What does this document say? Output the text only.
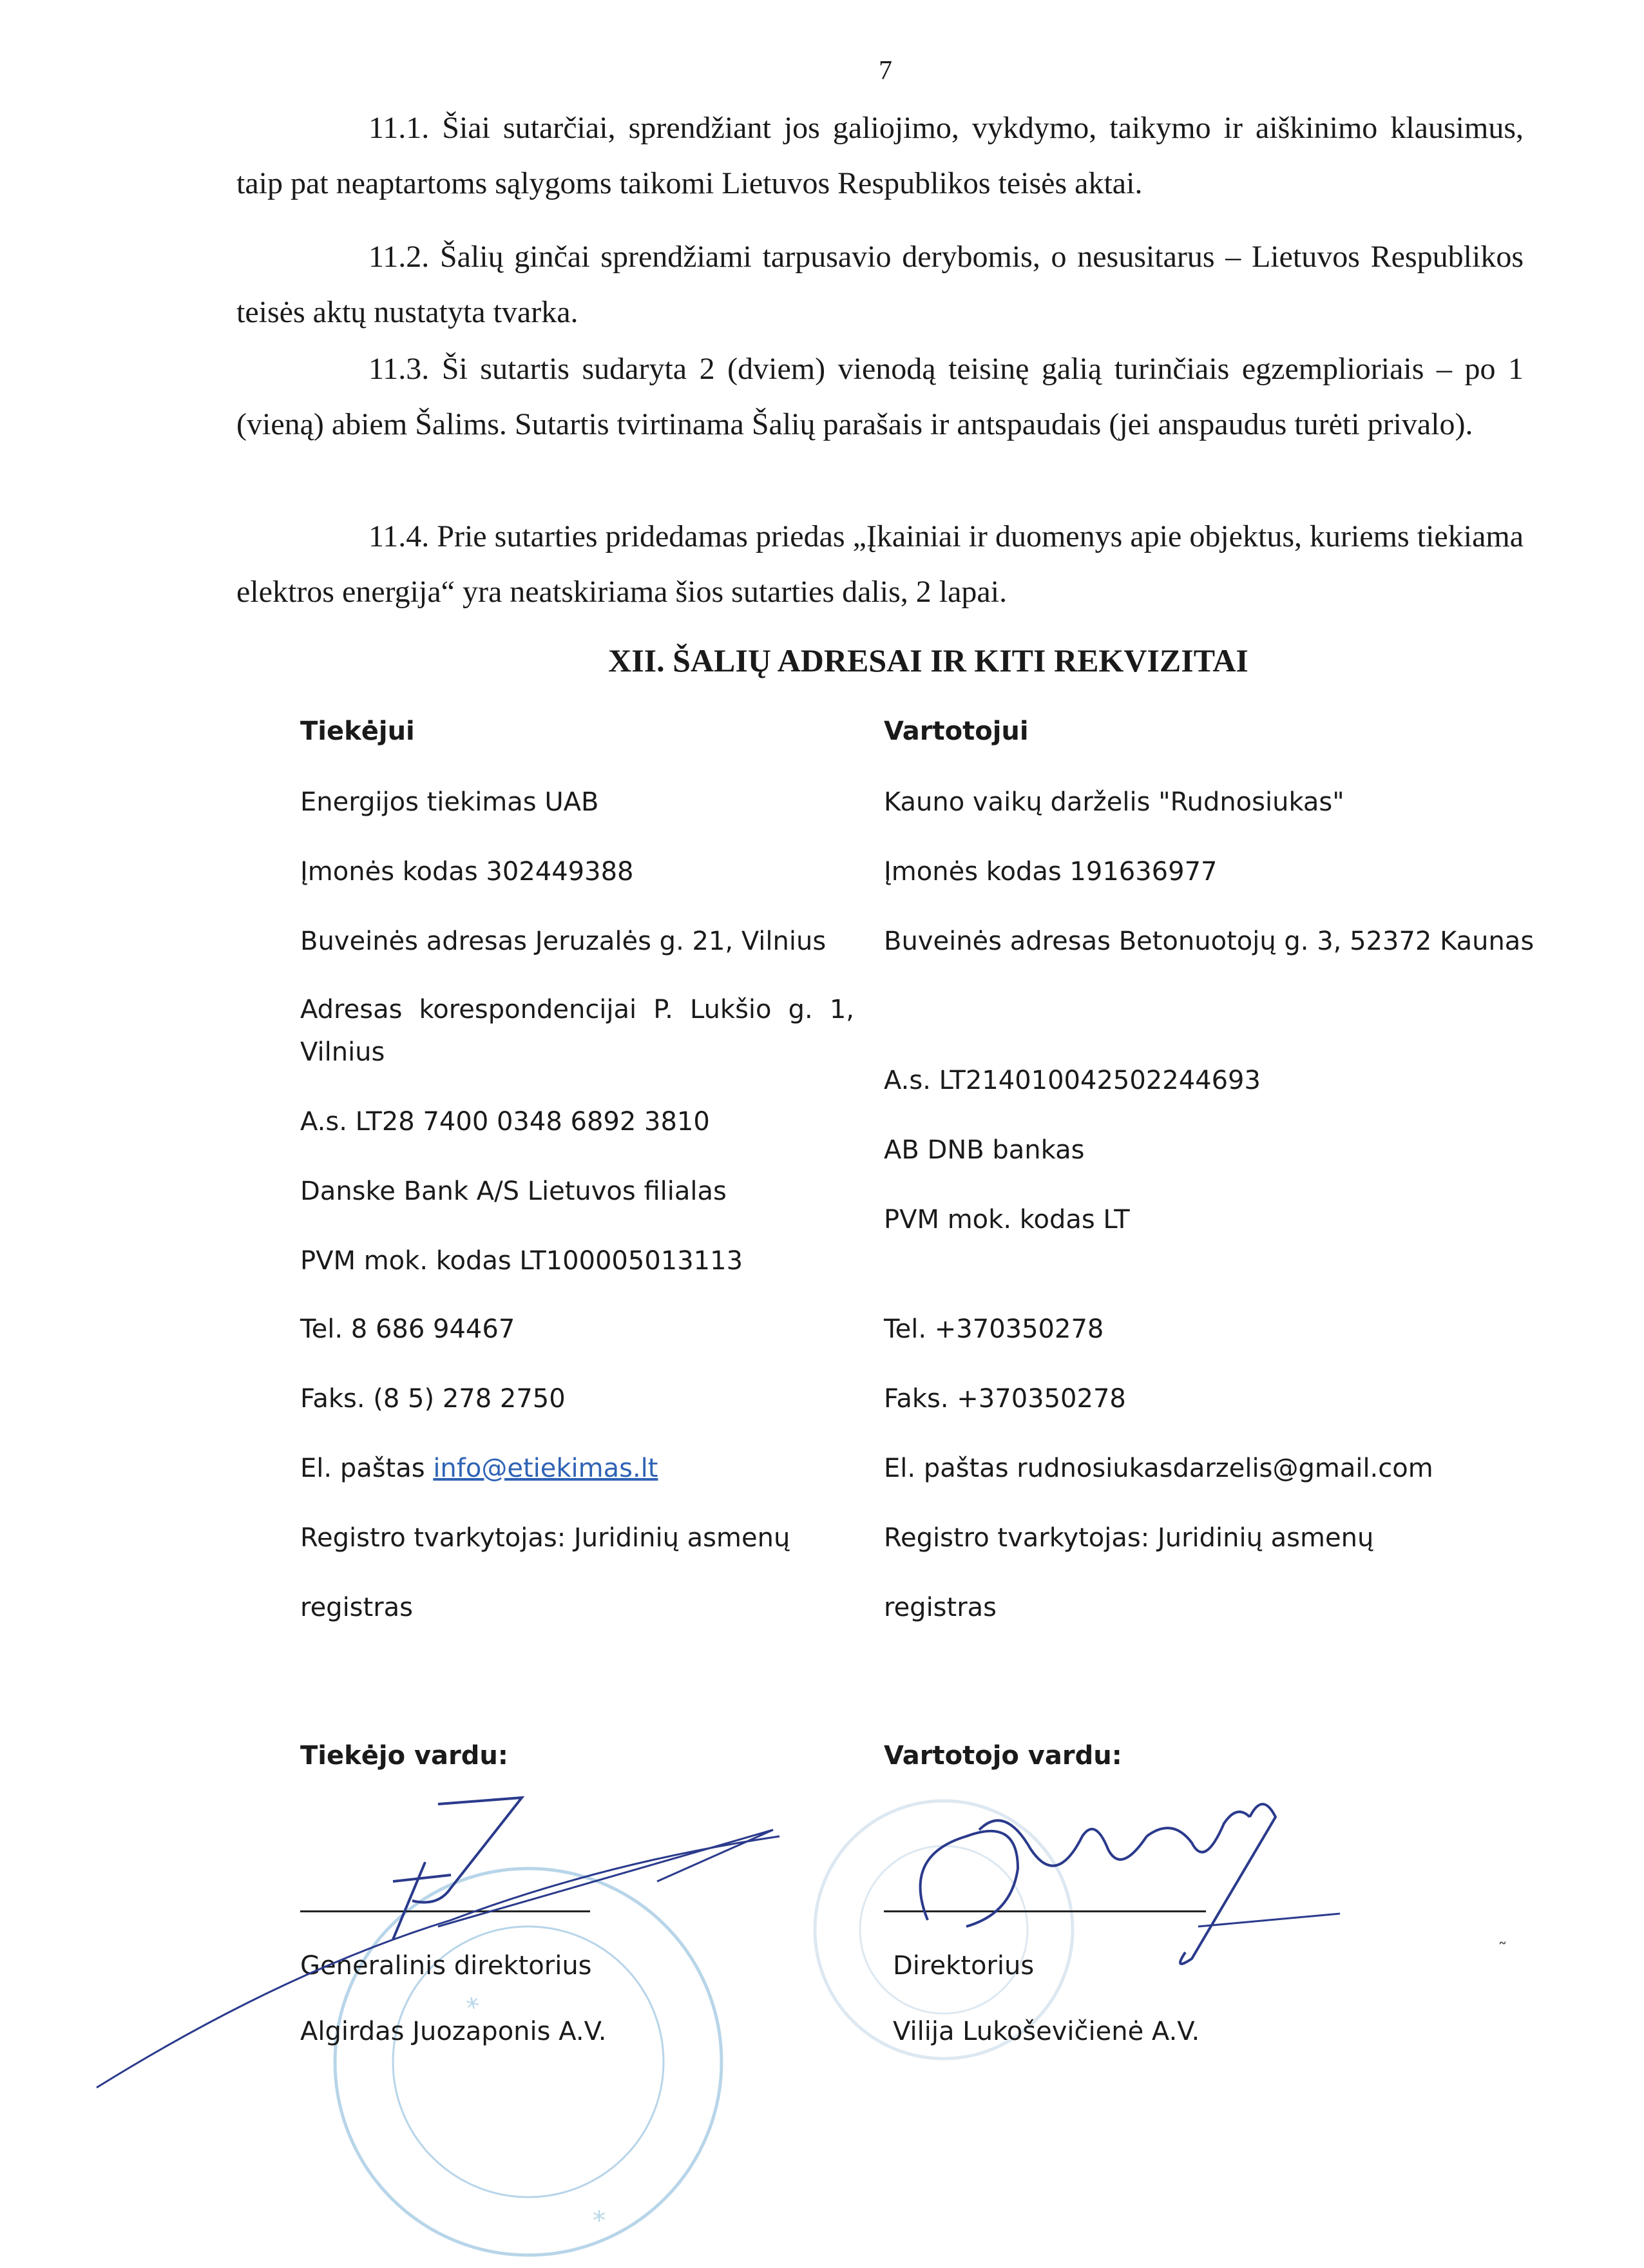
7

11.1. Šiai sutarčiai, sprendžiant jos galiojimo, vykdymo, taikymo ir aiškinimo klausimus, taip pat neaptartoms sąlygoms taikomi Lietuvos Respublikos teisės aktai.

11.2. Šalių ginčai sprendžiami tarpusavio derybomis, o nesusitarus – Lietuvos Respublikos teisės aktų nustatyta tvarka.

11.3. Ši sutartis sudaryta 2 (dviem) vienodą teisinę galią turinčiais egzemplioriais – po 1 (vieną) abiem Šalims. Sutartis tvirtinama Šalių parašais ir antspaudais (jei anspaudus turėti privalo).

11.4. Prie sutarties pridedamas priedas „Įkainiai ir duomenys apie objektus, kuriems tiekiama elektros energija“ yra neatskiriama šios sutarties dalis, 2 lapai.

XII. ŠALIŲ ADRESAI IR KITI REKVIZITAI
*
*
Tiekėjui
Energijos tiekimas UAB
Įmonės kodas 302449388
Buveinės adresas Jeruzalės g. 21, Vilnius
Adresas korespondencijai P. Lukšio g. 1, Vilnius
A.s. LT28 7400 0348 6892 3810
Danske Bank A/S Lietuvos filialas
PVM mok. kodas LT100005013113
Tel. 8 686 94467
Faks. (8 5) 278 2750
El. paštas info@etiekimas.lt
Registro tvarkytojas: Juridinių asmenų
registras
Tiekėjo vardu:
Generalinis direktorius
Algirdas Juozaponis A.V.
Vartotojui
Kauno vaikų darželis "Rudnosiukas"
Įmonės kodas 191636977
Buveinės adresas Betonuotojų g. 3, 52372 Kaunas
A.s. LT214010042502244693
AB DNB bankas
PVM mok. kodas LT
Tel. +370350278
Faks. +370350278
El. paštas rudnosiukasdarzelis@gmail.com
Registro tvarkytojas: Juridinių asmenų
registras
Vartotojo vardu:
Direktorius
Vilija Lukoševičienė A.V.
˜
